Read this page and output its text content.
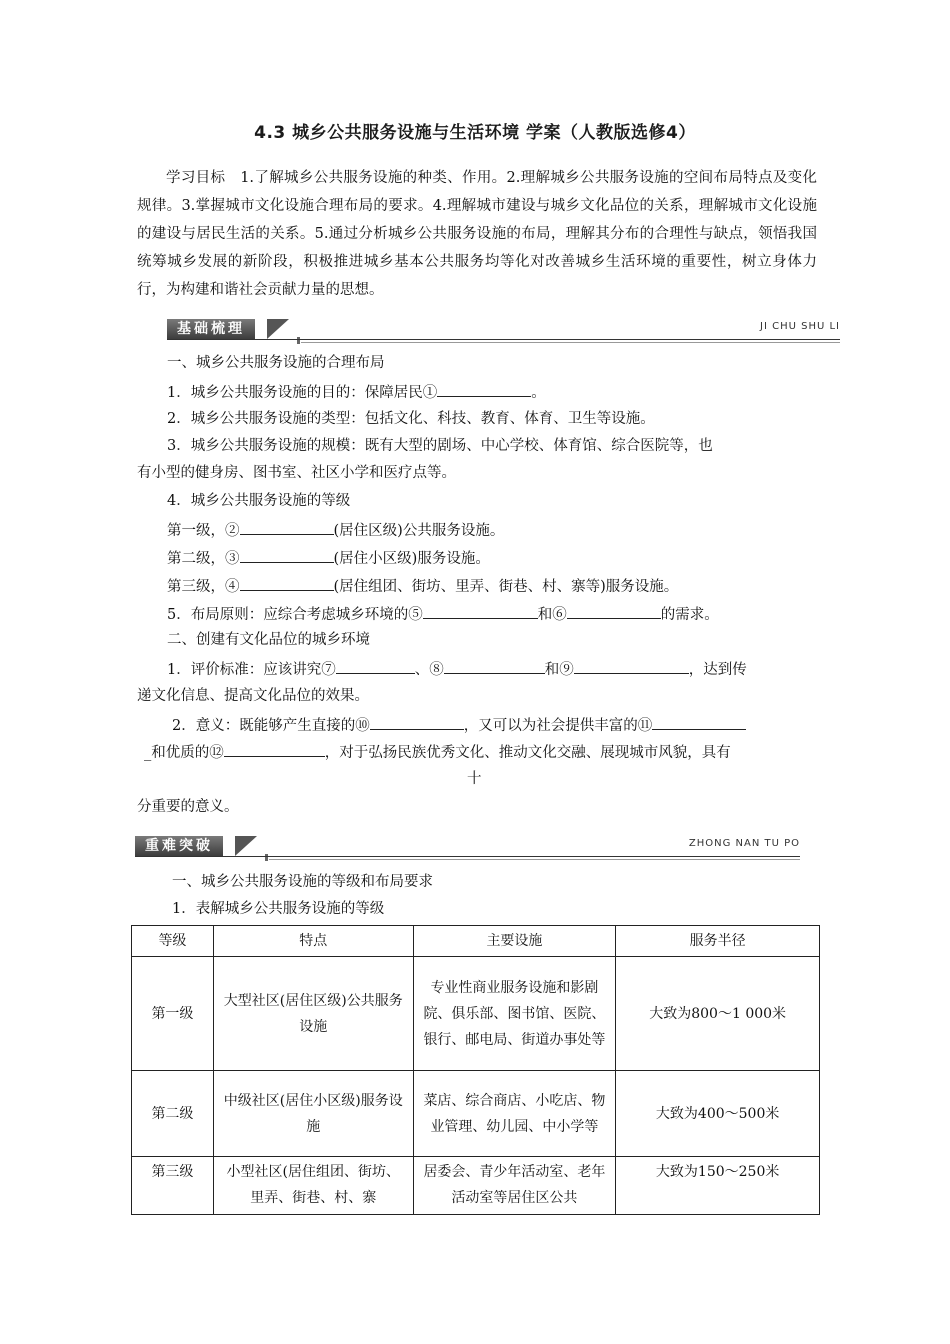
4.3 城乡公共服务设施与生活环境 学案（人教版选修4）
学习目标　 1.了解城乡公共服务设施的种类、作用。2.理解城乡公共服务设施的空间布局特点及变化规律。3.掌握城市文化设施合理布局的要求。4.理解城市建设与城乡文化品位的关系，理解城市文化设施的建设与居民生活的关系。5.通过分析城乡公共服务设施的布局，理解其分布的合理性与缺点，领悟我国统筹城乡发展的新阶段，积极推进城乡基本公共服务均等化对改善城乡生活环境的重要性，树立身体力行，为构建和谐社会贡献力量的思想。
基础梳理	JI CHU SHU LI
一、城乡公共服务设施的合理布局
1．城乡公共服务设施的目的：保障居民①	。
2．城乡公共服务设施的类型：包括文化、科技、教育、体育、卫生等设施。
3．城乡公共服务设施的规模：既有大型的剧场、中心学校、体育馆、综合医院等，也
有小型的健身房、图书室、社区小学和医疗点等。
4．城乡公共服务设施的等级
第一级，②	(居住区级)公共服务设施。
第二级，③	(居住小区级)服务设施。
第三级，④	(居住组团、街坊、里弄、街巷、村、寨等)服务设施。
5．布局原则：应综合考虑城乡环境的⑤	和⑥	的需求。
二、创建有文化品位的城乡环境
1．评价标准：应该讲究⑦	、⑧	和⑨	，达到传
递文化信息、提高文化品位的效果。
2．意义：既能够产生直接的⑩	，又可以为社会提供丰富的⑪
_和优质的⑫	，对于弘扬民族优秀文化、推动文化交融、展现城市风貌，具有
十
分重要的意义。
重难突破	ZHONG NAN TU PO
一、城乡公共服务设施的等级和布局要求
1．表解城乡公共服务设施的等级
等级	特点	主要设施	服务半径
第一级	大型社区(居住区级)公共服务设施	专业性商业服务设施和影剧院、俱乐部、图书馆、医院、银行、邮电局、街道办事处等	大致为800～1 000米
第二级	中级社区(居住小区级)服务设施	菜店、综合商店、小吃店、物业管理、幼儿园、中小学等	大致为400～500米
第三级	小型社区(居住组团、街坊、里弄、街巷、村、寨	居委会、青少年活动室、老年活动室等居住区公共	大致为150～250米
